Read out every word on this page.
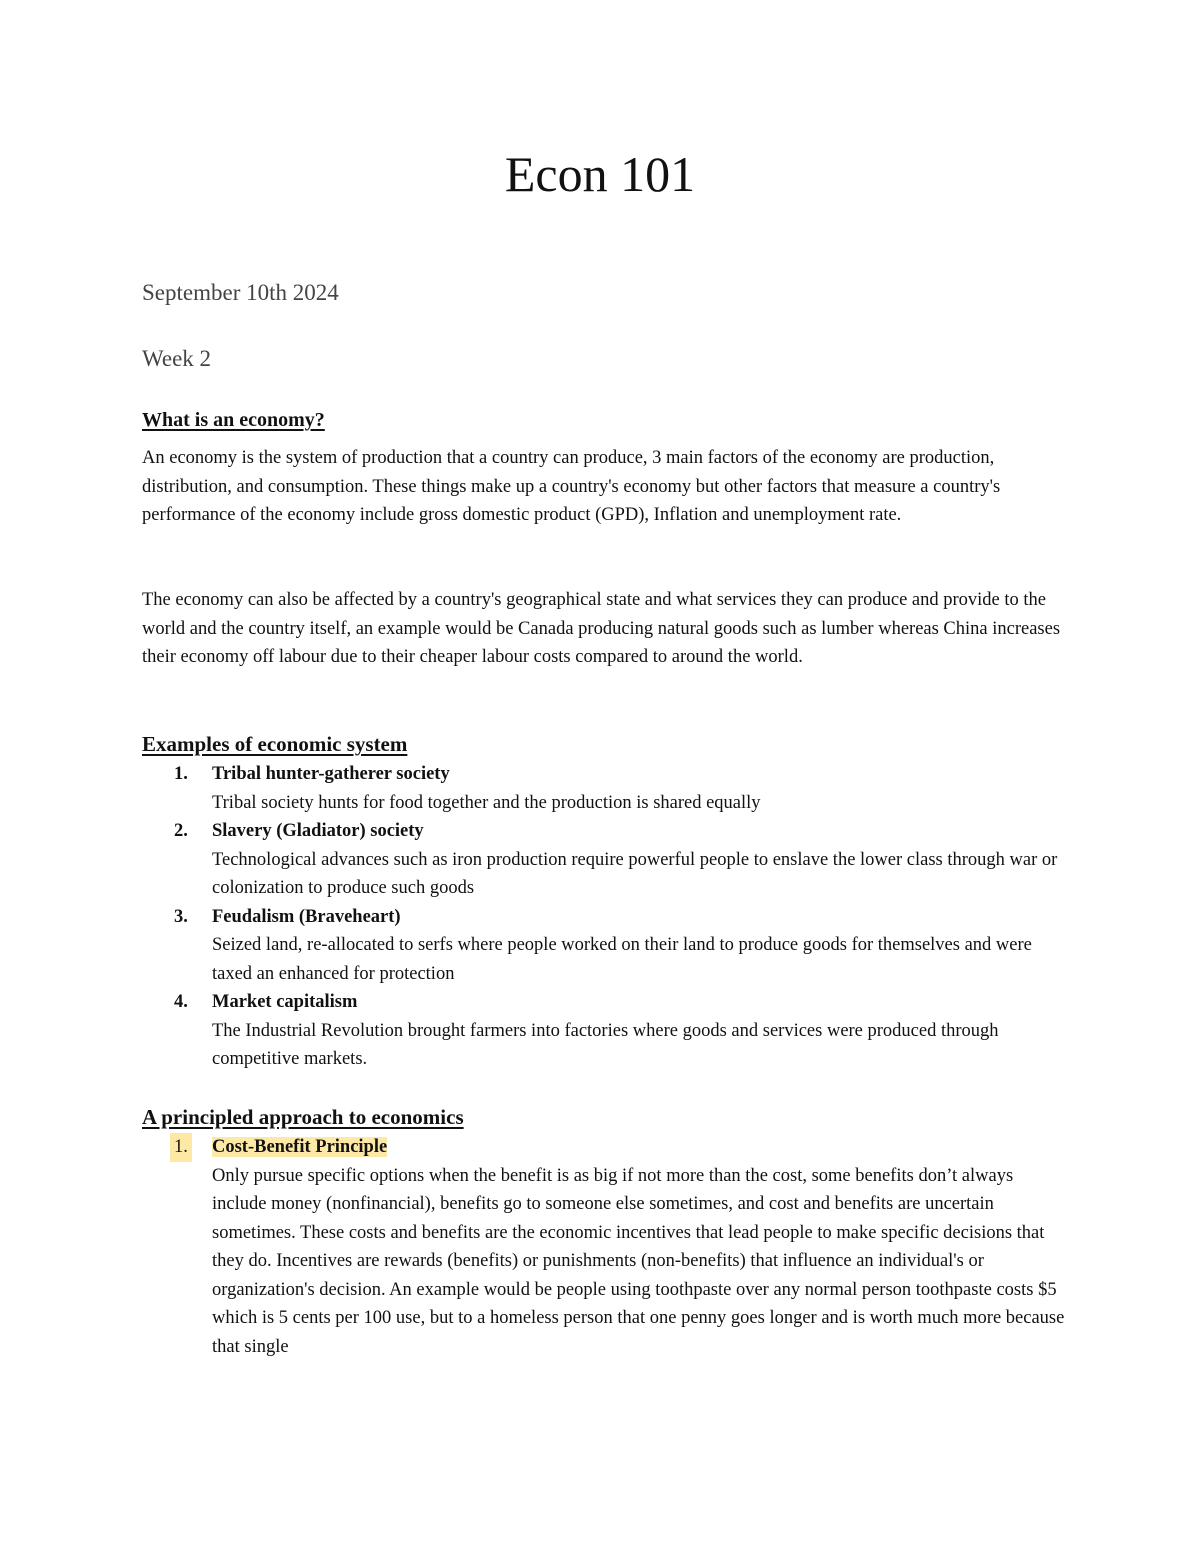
Econ 101
September 10th 2024
Week 2
What is an economy?

An economy is the system of production that a country can produce, 3 main factors of the economy are production, distribution, and consumption. These things make up a country's economy but other factors that measure a country's performance of the economy include gross domestic product (GPD), Inflation and unemployment rate.

The economy can also be affected by a country's geographical state and what services they can produce and provide to the world and the country itself, an example would be Canada producing natural goods such as lumber whereas China increases their economy off labour due to their cheaper labour costs compared to around the world.

Examples of economic system
1. Tribal hunter-gatherer society
Tribal society hunts for food together and the production is shared equally
2. Slavery (Gladiator) society
Technological advances such as iron production require powerful people to enslave the lower class through war or colonization to produce such goods
3. Feudalism (Braveheart)
Seized land, re-allocated to serfs where people worked on their land to produce goods for themselves and were taxed an enhanced for protection
4. Market capitalism
The Industrial Revolution brought farmers into factories where goods and services were produced through competitive markets.
A principled approach to economics
1. Cost-Benefit Principle
Only pursue specific options when the benefit is as big if not more than the cost, some benefits don’t always include money (nonfinancial), benefits go to someone else sometimes, and cost and benefits are uncertain sometimes. These costs and benefits are the economic incentives that lead people to make specific decisions that they do. Incentives are rewards (benefits) or punishments (non-benefits) that influence an individual's or organization's decision. An example would be people using toothpaste over any normal person toothpaste costs $5 which is 5 cents per 100 use, but to a homeless person that one penny goes longer and is worth much more because that single
